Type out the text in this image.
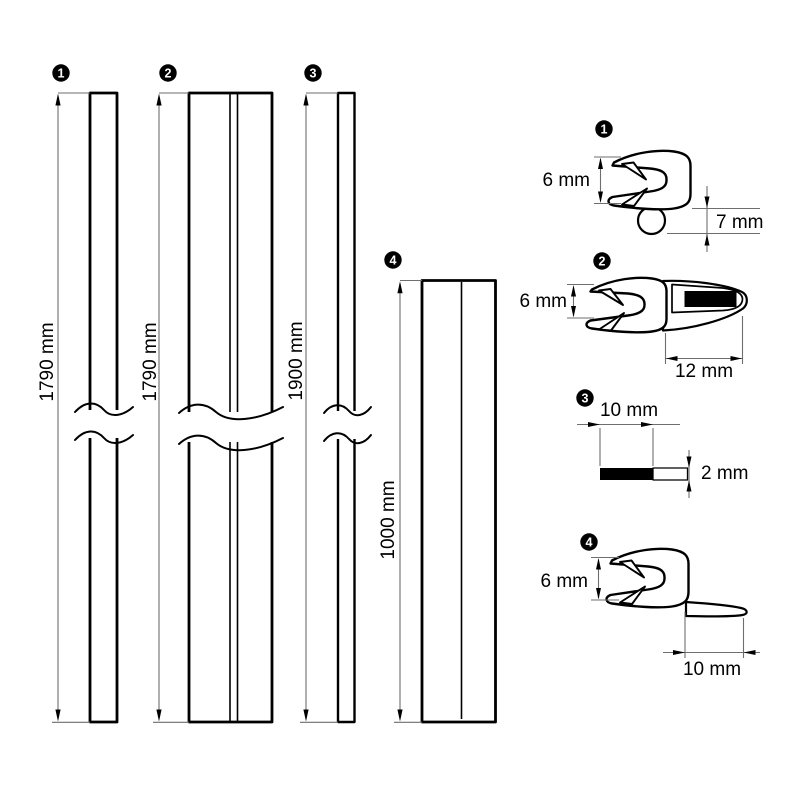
1
1790 mm
2
1790 mm
3
1900 mm
4
1000 mm
1
6 mm
7 mm
2
6 mm
12 mm
3
10 mm
2 mm
4
6 mm
10 mm
